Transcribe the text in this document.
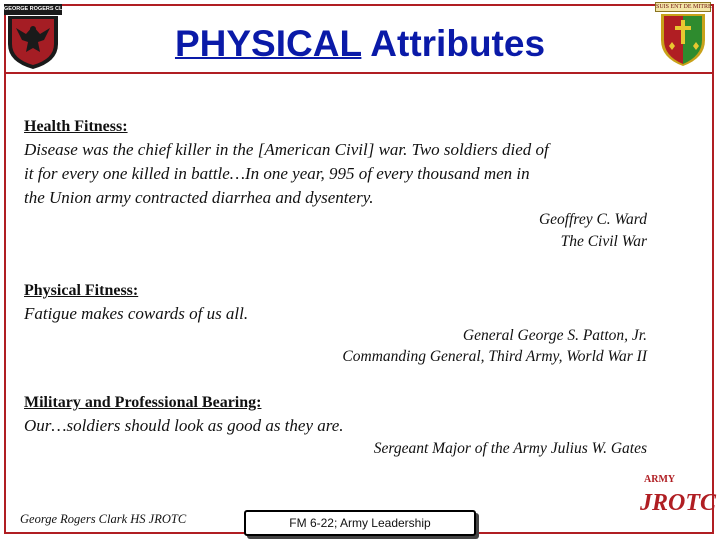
GEORGE ROGERS CLARK	SUIS ENT DE MITRE
PHYSICAL Attributes
Health Fitness:
Disease was the chief killer in the [American Civil] war. Two soldiers died of
it for every one killed in battle…In one year, 995 of every thousand men in
the Union army contracted diarrhea and dysentery.
Geoffrey C. Ward
The Civil War
Physical Fitness:
Fatigue makes cowards of us all.
General George S. Patton, Jr.
Commanding General, Third Army, World War II
Military and Professional Bearing:
Our…soldiers should look as good as they are.
Sergeant Major of the Army Julius W. Gates
George Rogers Clark HS JROTC	FM 6-22; Army Leadership
ARMY
JROTC
